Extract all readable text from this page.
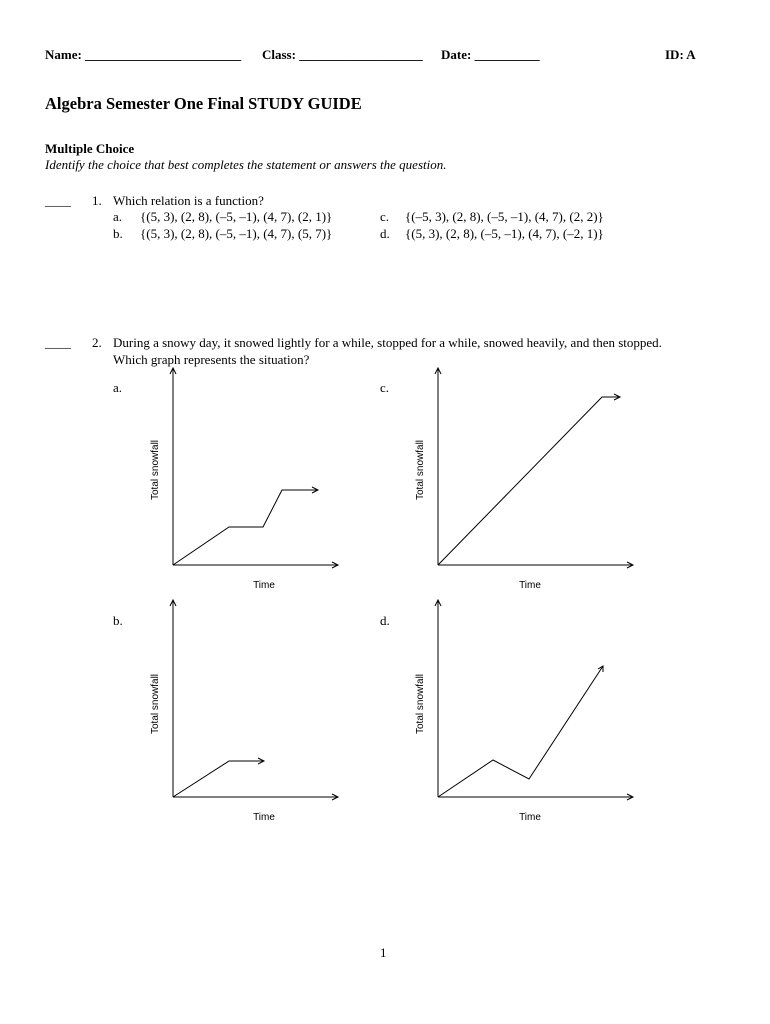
Name: ________________________ Class: ___________________ Date: __________	ID: A
Algebra Semester One Final STUDY GUIDE
Multiple Choice
Identify the choice that best completes the statement or answers the question.
____ 1. Which relation is a function?
a. {(5, 3), (2, 8), (–5, –1), (4, 7), (2, 1)}
b. {(5, 3), (2, 8), (–5, –1), (4, 7), (5, 7)}
c. {(–5, 3), (2, 8), (–5, –1), (4, 7), (2, 2)}
d. {(5, 3), (2, 8), (–5, –1), (4, 7), (–2, 1)}
____ 2. During a snowy day, it snowed lightly for a while, stopped for a while, snowed heavily, and then stopped.
Which graph represents the situation?
a.
b.
c.
d.
Time
Total snowfall
Time
Total snowfall
Time
Total snowfall
Time
Total snowfall
1
